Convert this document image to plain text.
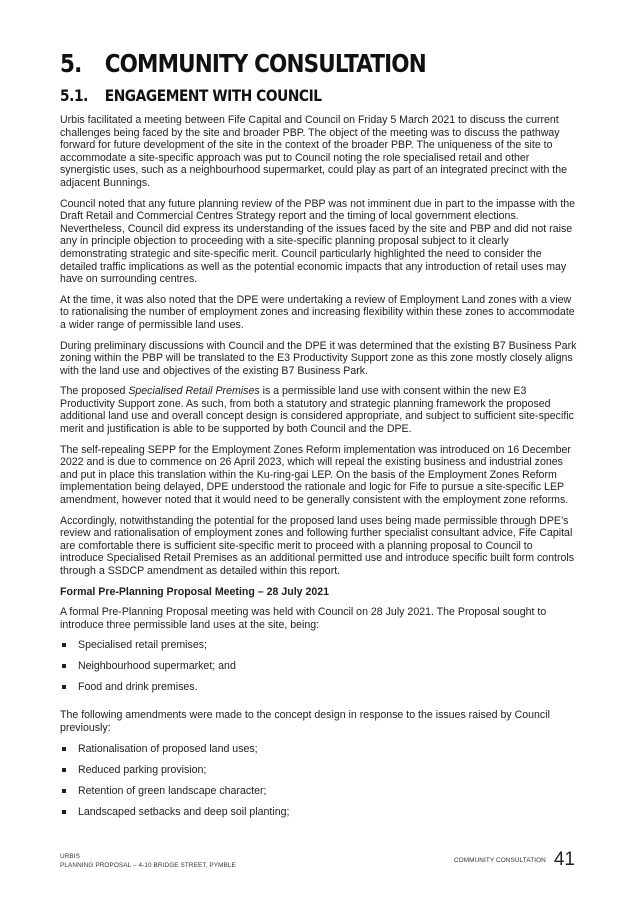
5. COMMUNITY CONSULTATION
5.1.	ENGAGEMENT WITH COUNCIL

Urbis facilitated a meeting between Fife Capital and Council on Friday 5 March 2021 to discuss the current challenges being faced by the site and broader PBP. The object of the meeting was to discuss the pathway forward for future development of the site in the context of the broader PBP. The uniqueness of the site to accommodate a site-specific approach was put to Council noting the role specialised retail and other synergistic uses, such as a neighbourhood supermarket, could play as part of an integrated precinct with the adjacent Bunnings.

Council noted that any future planning review of the PBP was not imminent due in part to the impasse with the Draft Retail and Commercial Centres Strategy report and the timing of local government elections. Nevertheless, Council did express its understanding of the issues faced by the site and PBP and did not raise any in principle objection to proceeding with a site-specific planning proposal subject to it clearly demonstrating strategic and site-specific merit. Council particularly highlighted the need to consider the detailed traffic implications as well as the potential economic impacts that any introduction of retail uses may have on surrounding centres.

At the time, it was also noted that the DPE were undertaking a review of Employment Land zones with a view to rationalising the number of employment zones and increasing flexibility within these zones to accommodate a wider range of permissible land uses.

During preliminary discussions with Council and the DPE it was determined that the existing B7 Business Park zoning within the PBP will be translated to the E3 Productivity Support zone as this zone mostly closely aligns with the land use and objectives of the existing B7 Business Park.

The proposed Specialised Retail Premises is a permissible land use with consent within the new E3 Productivity Support zone. As such, from both a statutory and strategic planning framework the proposed additional land use and overall concept design is considered appropriate, and subject to sufficient site-specific merit and justification is able to be supported by both Council and the DPE.

The self-repealing SEPP for the Employment Zones Reform implementation was introduced on 16 December 2022 and is due to commence on 26 April 2023, which will repeal the existing business and industrial zones and put in place this translation within the Ku-ring-gai LEP. On the basis of the Employment Zones Reform implementation being delayed, DPE understood the rationale and logic for Fife to pursue a site-specific LEP amendment, however noted that it would need to be generally consistent with the employment zone reforms.

Accordingly, notwithstanding the potential for the proposed land uses being made permissible through DPE’s review and rationalisation of employment zones and following further specialist consultant advice, Fife Capital are comfortable there is sufficient site-specific merit to proceed with a planning proposal to Council to introduce Specialised Retail Premises as an additional permitted use and introduce specific built form controls through a SSDCP amendment as detailed within this report.

Formal Pre-Planning Proposal Meeting – 28 July 2021

A formal Pre-Planning Proposal meeting was held with Council on 28 July 2021. The Proposal sought to introduce three permissible land uses at the site, being:

Specialised retail premises;
Neighbourhood supermarket; and
Food and drink premises.

The following amendments were made to the concept design in response to the issues raised by Council previously:

Rationalisation of proposed land uses;
Reduced parking provision;
Retention of green landscape character;
Landscaped setbacks and deep soil planting;
URBIS
PLANNING PROPOSAL – 4-10 BRIDGE STREET, PYMBLE
COMMUNITY CONSULTATION 41
